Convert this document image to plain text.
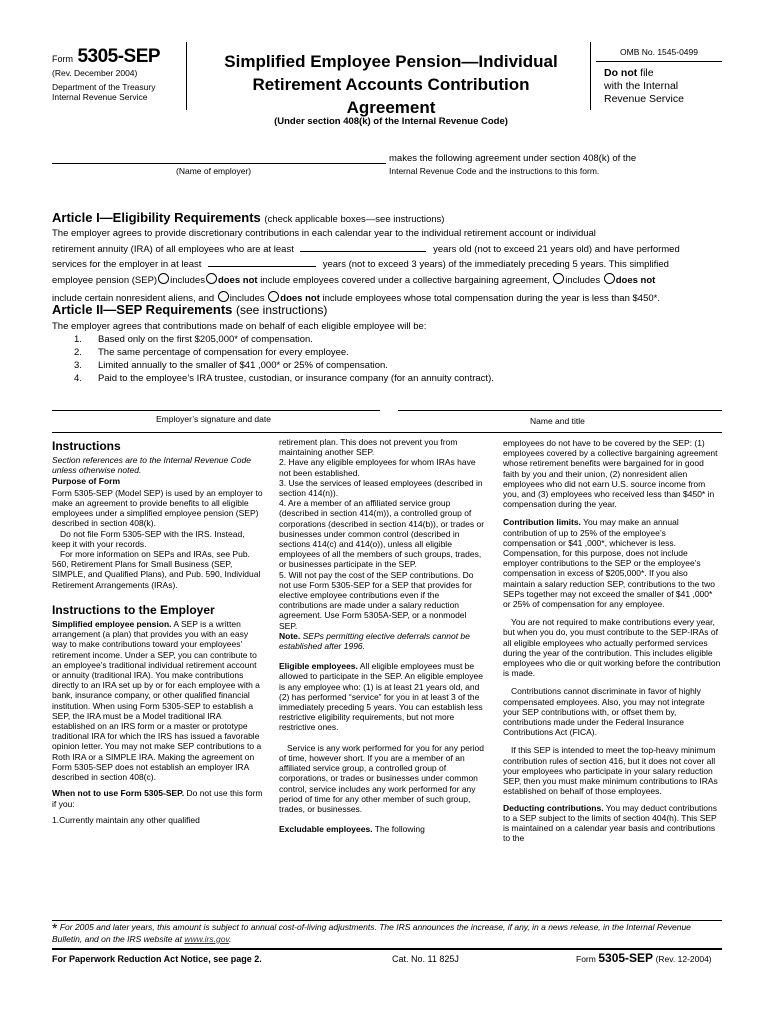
Form 5305-SEP
(Rev. December 2004)
Department of the Treasury
Internal Revenue Service
Simplified Employee Pension—Individual
Retirement Accounts Contribution
Agreement
(Under section 408(k) of the Internal Revenue Code)
OMB No. 1545-0499
Do not file
with the Internal
Revenue Service
makes the following agreement under section 408(k) of the
Internal Revenue Code and the instructions to this form.
(Name of employer)
Article I—Eligibility Requirements (check applicable boxes—see instructions)
The employer agrees to provide discretionary contributions in each calendar year to the individual retirement account or individual
retirement annuity (IRA) of all employees who are at least	years old (not to exceed 21 years old) and have performed
services for the employer in at least	years (not to exceed 3 years) of the immediately preceding 5 years. This simplified
employee pension (SEP) includes does not include employees covered under a collective bargaining agreement, includes does not
include certain nonresident aliens, and includes does not include employees whose total compensation during the year is less than $450*.
Article II—SEP Requirements (see instructions)
The employer agrees that contributions made on behalf of each eligible employee will be:
1. Based only on the first $205,000* of compensation.
2. The same percentage of compensation for every employee.
3. Limited annually to the smaller of $41 ,000* or 25% of compensation.
4. Paid to the employee’s IRA trustee, custodian, or insurance company (for an annuity contract).
Employer’s signature and date	Name and title
Instructions

Section references are to the Internal Revenue Code unless otherwise noted.

Purpose of Form

Form 5305-SEP (Model SEP) is used by an employer to make an agreement to provide benefits to all eligible employees under a simplified employee pension (SEP) described in section 408(k).

Do not file Form 5305-SEP with the IRS. Instead, keep it with your records.

For more information on SEPs and IRAs, see Pub. 560, Retirement Plans for Small Business (SEP, SIMPLE, and Qualified Plans), and Pub. 590, Individual Retirement Arrangements (IRAs).

Instructions to the Employer

Simplified employee pension. A SEP is a written arrangement (a plan) that provides you with an easy way to make contributions toward your employees’ retirement income. Under a SEP, you can contribute to an employee’s traditional individual retirement account or annuity (traditional IRA). You make contributions directly to an IRA set up by or for each employee with a bank, insurance company, or other qualified financial institution. When using Form 5305-SEP to establish a SEP, the IRA must be a Model traditional IRA established on an IRS form or a master or prototype traditional IRA for which the IRS has issued a favorable opinion letter. You may not make SEP contributions to a Roth IRA or a SIMPLE IRA. Making the agreement on Form 5305-SEP does not establish an employer IRA described in section 408(c).

When not to use Form 5305-SEP. Do not use this form if you:

1.Currently maintain any other qualified

retirement plan. This does not prevent you from maintaining another SEP.

2. Have any eligible employees for whom IRAs have not been established.

3. Use the services of leased employees (described in section 414(n)).

4. Are a member of an affiliated service group (described in section 414(m)), a controlled group of corporations (described in section 414(b)), or trades or businesses under common control (described in sections 414(c) and 414(o)), unless all eligible employees of all the members of such groups, trades, or businesses participate in the SEP.

5. Will not pay the cost of the SEP contributions. Do not use Form 5305-SEP for a SEP that provides for elective employee contributions even if the contributions are made under a salary reduction agreement. Use Form 5305A-SEP, or a nonmodel SEP.

Note. SEPs permitting elective deferrals cannot be established after 1996.

Eligible employees. All eligible employees must be allowed to participate in the SEP. An eligible employee is any employee who: (1) is at least 21 years old, and (2) has performed “service” for you in at least 3 of the immediately preceding 5 years. You can establish less restrictive eligibility requirements, but not more restrictive ones.

Service is any work performed for you for any period of time, however short. If you are a member of an affiliated service group, a controlled group of corporations, or trades or businesses under common control, service includes any work performed for any period of time for any other member of such group, trades, or businesses.

Excludable employees. The following

employees do not have to be covered by the SEP: (1) employees covered by a collective bargaining agreement whose retirement benefits were bargained for in good faith by you and their union, (2) nonresident alien employees who did not earn U.S. source income from you, and (3) employees who received less than $450* in compensation during the year.

Contribution limits. You may make an annual contribution of up to 25% of the employee’s compensation or $41 ,000*, whichever is less. Compensation, for this purpose, does not include employer contributions to the SEP or the employee’s compensation in excess of $205,000*. If you also maintain a salary reduction SEP, contributions to the two SEPs together may not exceed the smaller of $41 ,000* or 25% of compensation for any employee.

You are not required to make contributions every year, but when you do, you must contribute to the SEP-IRAs of all eligible employees who actually performed services during the year of the contribution. This includes eligible employees who die or quit working before the contribution is made.

Contributions cannot discriminate in favor of highly compensated employees. Also, you may not integrate your SEP contributions with, or offset them by, contributions made under the Federal Insurance Contributions Act (FICA).

If this SEP is intended to meet the top-heavy minimum contribution rules of section 416, but it does not cover all your employees who participate in your salary reduction SEP, then you must make minimum contributions to IRAs established on behalf of those employees.

Deducting contributions. You may deduct contributions to a SEP subject to the limits of section 404(h). This SEP is maintained on a calendar year basis and contributions to the

* For 2005 and later years, this amount is subject to annual cost-of-living adjustments. The IRS announces the increase, if any, in a news release, in the Internal Revenue Bulletin, and on the IRS website at www.irs.gov.
For Paperwork Reduction Act Notice, see page 2.	Cat. No. 11 825J	Form 5305-SEP (Rev. 12-2004)
